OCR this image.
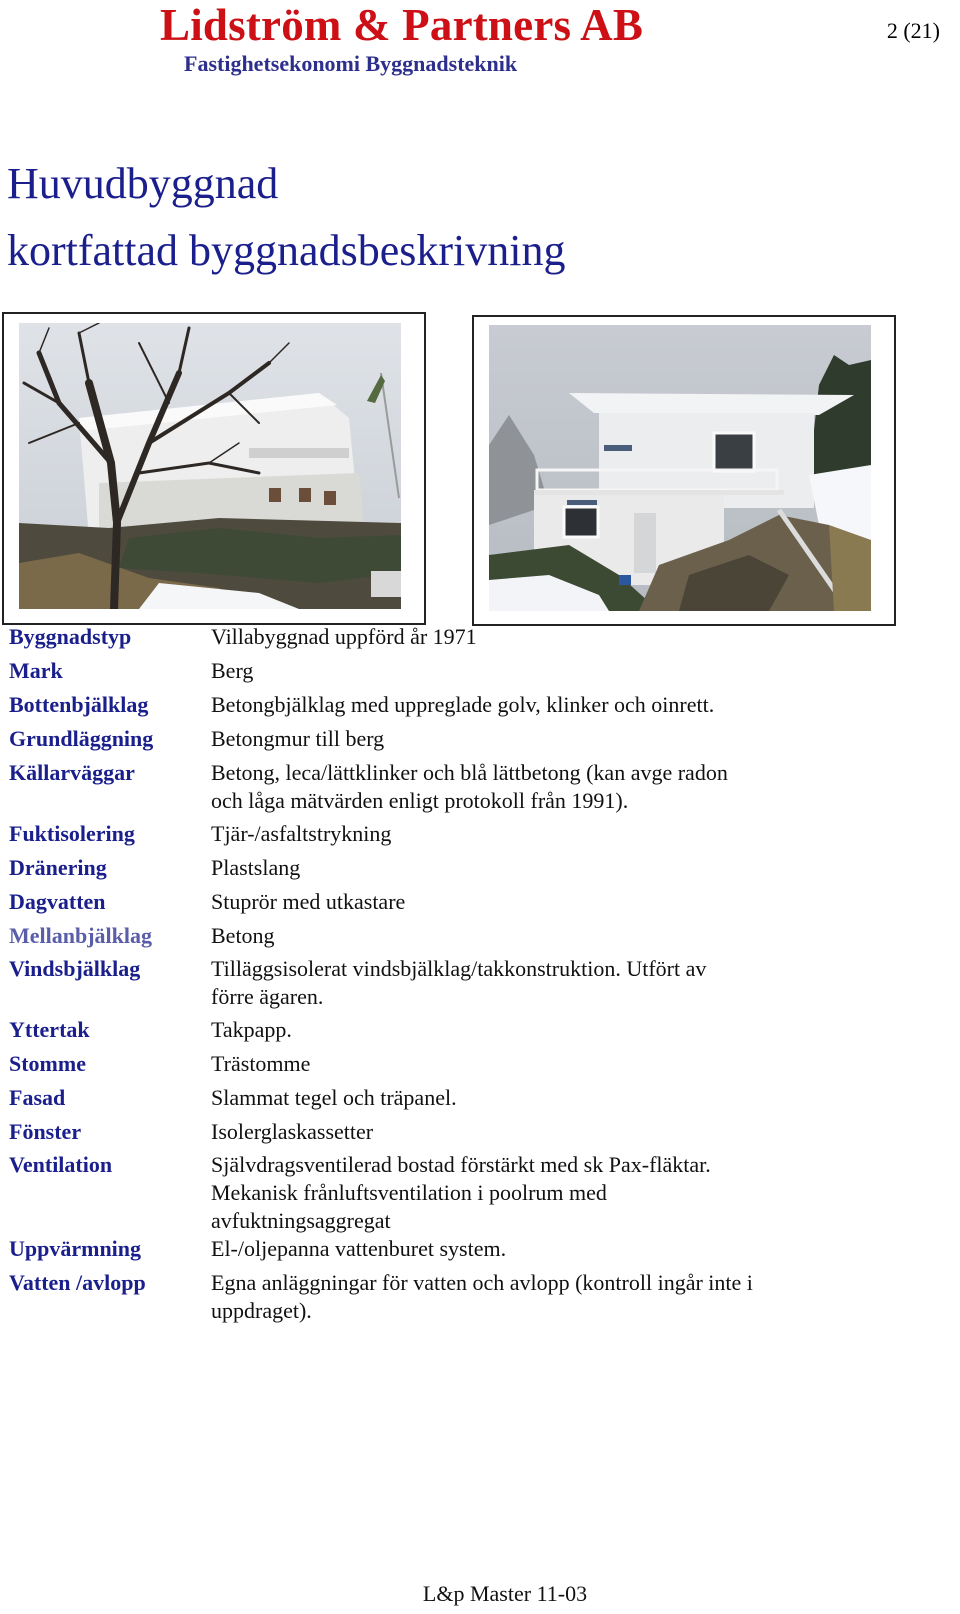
Lidström & Partners AB
Fastighetsekonomi Byggnadsteknik
2 (21)
Huvudbyggnad
kortfattad byggnadsbeskrivning
Byggnadstyp	Villabyggnad uppförd år 1971
Mark	Berg
Bottenbjälklag	Betongbjälklag med uppreglade golv, klinker och oinrett.
Grundläggning	Betongmur till berg
Källarväggar	Betong, leca/lättklinker och blå lättbetong (kan avge radon
och låga mätvärden enligt protokoll från 1991).
Fuktisolering	Tjär-/asfaltstrykning
Dränering	Plastslang
Dagvatten	Stuprör med utkastare
Mellanbjälklag	Betong
Vindsbjälklag	Tilläggsisolerat vindsbjälklag/takkonstruktion. Utfört av
förre ägaren.
Yttertak	Takpapp.
Stomme	Trästomme
Fasad	Slammat tegel och träpanel.
Fönster	Isolerglaskassetter
Ventilation	Självdragsventilerad bostad förstärkt med sk Pax-fläktar.
Mekanisk frånluftsventilation i poolrum med
avfuktningsaggregat
Uppvärmning	El-/oljepanna vattenburet system.
Vatten /avlopp	Egna anläggningar för vatten och avlopp (kontroll ingår inte i
uppdraget).
L&p Master 11-03
